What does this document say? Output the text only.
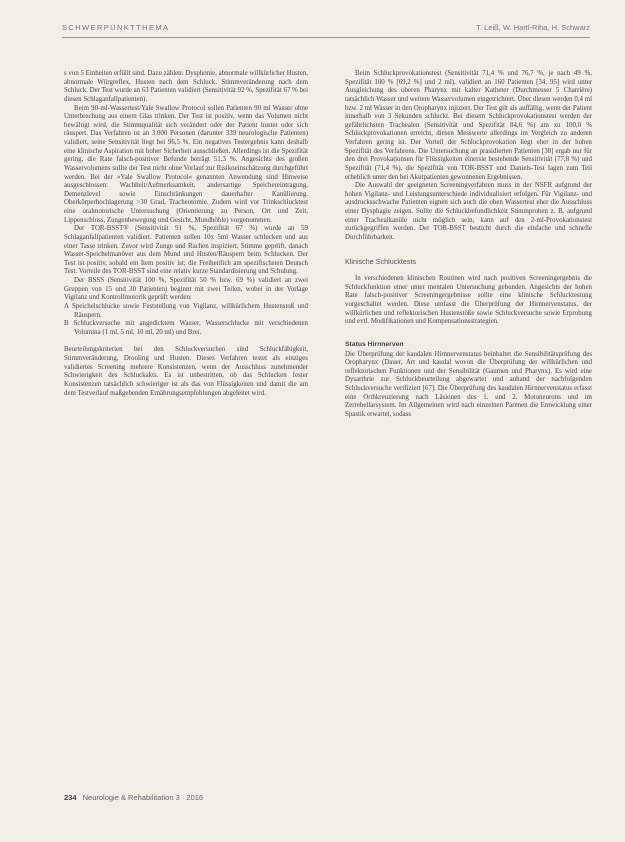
SCHWERPUNKTTHEMA	T. Leiß, W. Hartl-Riha, H. Schwarz

s von 5 Einheiten erfüllt sind. Dazu zählen: Dysphonie, abnormale willkürlicher Husten, abnormale Würgreflex, Husten nach dem Schluck, Stimmveränderung nach dem Schluck. Der Test wurde an 63 Patienten validiert (Sensitivität 92 %, Spezifität 67 % bei diesen Schlaganfallpatienten).

Beim 90-ml-Wassertest/Yale Swallow Protocol sollen Patienten 90 ml Wasser ohne Unterbrechung aus einem Glas trinken. Der Test ist positiv, wenn das Volumen nicht bewältigt wird, die Stimmqualität sich verändert oder der Patient hustet oder sich räuspert. Das Verfahren ist an 3.000 Personen (darunter 339 neurologische Patienten) validiert, seine Sensitivität liegt bei 96,5 %. Ein negatives Testergebnis kann deshalb eine klinische Aspiration mit hoher Sicherheit ausschließen. Allerdings ist die Spezifität gering, die Rate falsch-positiver Befunde beträgt 51,3 %. Angesichts des großen Wasservolumens sollte der Test nicht ohne Vorlauf zur Risikoeinschätzung durchgeführt werden. Bei der »Yale Swallow Protocol« genannten Anwendung sind Hinweise ausgeschlossen: Wachheit/Aufmerksamkeit, andersartige Speichereintragung, Demenzlevel sowie Einschränkungen dauerhafter Kanülierung. Oberkörperhochlagerung >30 Grad, Tracheotomie. Zudem wird vor Trinkschlucktest eine oralmotorische Untersuchung (Orientierung zu Person, Ort und Zeit, Lippenschluss, Zungenbewegung und Gesicht, Mundhöhle) vorgenommen.

Der TOR-BSST® (Sensitivität 91 %, Spezifität 67 %) wurde an 59 Schlaganfallpatienten validiert. Patienten sollen 10x 5ml Wasser schlucken und aus einer Tasse trinken. Zuvor wird Zunge und Rachen inspiziert, Stimme geprüft, danach Wasser-Speichelmanöver aus dem Mund und Husten/Räuspern beim Schlucken. Der Test ist positiv, sobald ein Item positiv ist; die Freiheitlich am spezifischsten Deutsch Test. Vorteile des TOR-BSST sind eine relativ kurze Standardisierung und Schulung.

Der BSSS (Sensitivität 100 %, Spezifität 50 % bzw. 69 %) validiert an zwei Gruppen von 15 und 30 Patienten) beginnt mit zwei Teilen, wobei in der Vorlage Vigilanz und Kontrollmotorik geprüft werden:

A Speichelschlucke sowie Feststellung von Vigilanz, willkürlichem Hustenstoß und Räuspern.
B Schluckversuche mit angedicktem Wasser, Wasserschlucke mit verschiedenen Volumina (1 ml, 5 ml, 10 ml, 20 ml) und Brei.

Beurteilungskriterien bei den Schluckversuchen sind Schluckfähigkeit, Stimmveränderung, Drooling und Husten. Dieses Verfahren testet als einziges validiertes Screening mehrere Konsistenzen, wenn der Ausschluss zunehmender Schwierigkeit des Schluckakts. Es ist unbestritten, ob das Schlucken fester Konsistenzen tatsächlich schwieriger ist als das von Flüssigkeiten und damit die am dem Testverlauf maßgebenden Ernährungsempfehlungen abgeleitet wird.

Beim Schluckprovokationstest (Sensitivität 71,4 % und 76,7 %, je nach 49 %, Spezifität 100 % [69,2 %] und 2 ml), validiert an 160 Patienten [34, 95] wird unter Ausgleichung des oberen Pharynx mit kalter Katheter (Durchmesser 5 Charrière) tatsächlich Wasser und weitere Wasservolumen eingetrichtert. Über diesen werden 0,4 ml bzw. 2 ml Wasser in den Oropharynx injiziert. Der Test gilt als auffällig, wenn der Patient innerhalb von 3 Sekunden schluckt. Bei diesem Schluckprovokationstest werden der gefährlichsten Trachealen (Sensitivität und Spezifität 84,6 %) am zu 100,0 % Schluckprovokationen erreicht, diesen Messwerte allerdings im Vergleich zu anderen Verfahren gering ist. Der Vorteil der Schluckprovokation liegt eher in der hohen Spezifität des Verfahrens. Die Untersuchung an prasidierten Patienten [38] ergab nur für den drei Provokationsen für Flüssigkeiten einersie bestehende Sensitivität (77,8 %) und Spezifität (71,4 %), die Spezifität von TOR-BSST und Daniels-Test lagen zum Teil erheblich unter den bei Akutpatienten gewonnenen Ergebnissen.

Die Auswahl der geeigneten Screeningverfahren muss in der NSFR aufgrund der hohen Vigilanz- und Leistungsunterschiede individualisiert erfolgen. Für Vigilanz- und ausdrucksschwache Patienten eignen sich auch die oben Wassertest eher die Ausschluss einer Dysphagie zeigen. Sollte die Schluckbefundlichkeit Stimmproben z. B. aufgrund einer Trachealkanüle nicht möglich sein, kann auf den 2-ml-Provokationstest zurückgegriffen werden. Der TOR-BSST besticht durch die einfache und schnelle Durchführbarkeit.

Klinische Schlucktests

In verschiedenen klinischen Routinen wird nach positiven Screeningergebnis die Schluckfunktion einer unter mentalen Untersuchung gebunden. Angesichts der hohen Rate falsch-positiver Screeningergebnisse sollte eine klinische Schlucktestung vorgeschaltet werden. Diese umfasst die Überprüfung der Hirnnervenstatus, der willkürlichen und reflektorischen Hustenstöße sowie Schluckversuche sowie Erprobung und evtl. Modifikationen und Kompensationsstrategien.

Status Hirnnerven

Die Überprüfung der kaudalen Hirnnervenstatus beinhaltet die Sensibilitätsprüfung des Oropharynx (Dauer, Art und kaudal wovon die Überprüfung der willkürlichen und reflektorischen Funktionen und der Sensibilität (Gaumen und Pharynx). Es wird eine Dysarthrie zur Schluckbeurteilung abgewartet und anhand der nachfolgenden Schluckversuche verifiziert [67]. Die Überprüfung des kaudalen Hirnnervenstatus erfasst eine Orthkreuzierung nach Läsionen des 1. und 2. Motoneurons und im Zerrebellarsystem. Im Allgemeinen wird nach einzelnen Parenen die Entwicklung einer Spastik erwartet, sodass

234 Neurologie & Rehabilitation 3 · 2016
